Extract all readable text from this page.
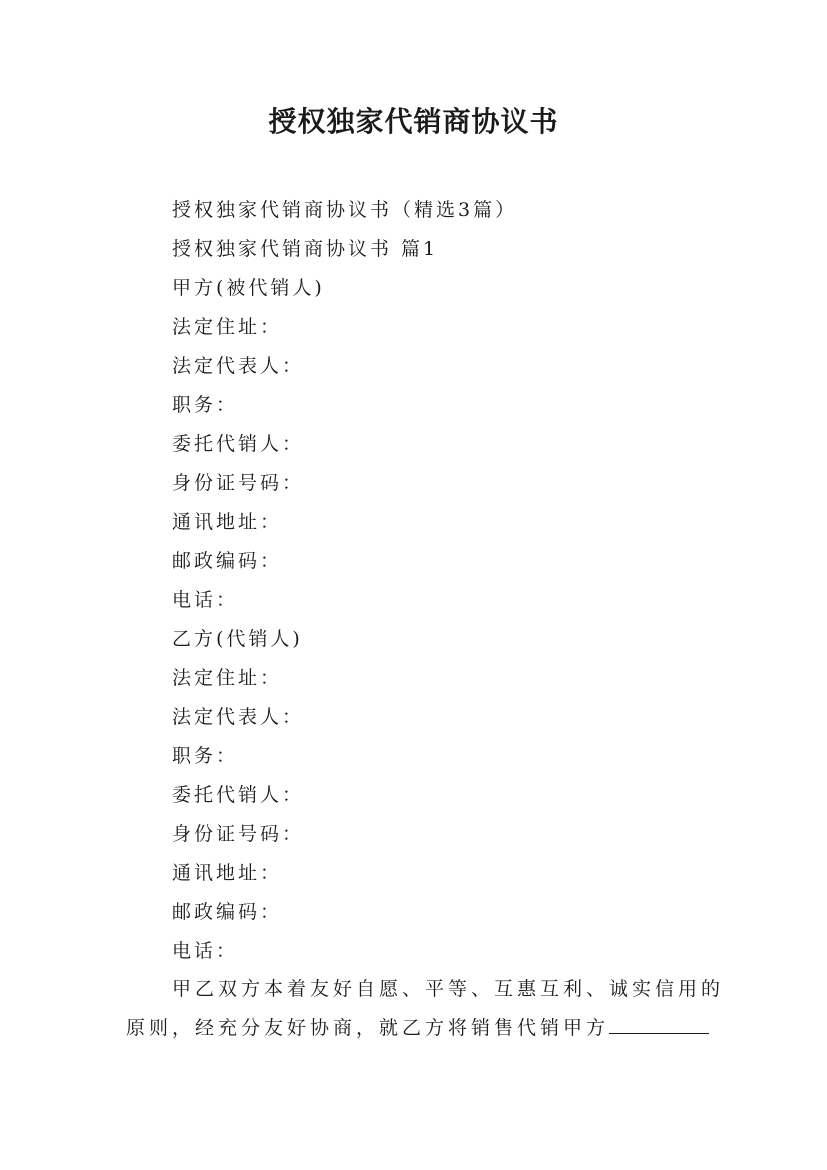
授权独家代销商协议书
授权独家代销商协议书（精选3篇）
授权独家代销商协议书 篇1
甲方(被代销人)
法定住址：
法定代表人：
职务：
委托代销人：
身份证号码：
通讯地址：
邮政编码：
电话：
乙方(代销人)
法定住址：
法定代表人：
职务：
委托代销人：
身份证号码：
通讯地址：
邮政编码：
电话：
甲乙双方本着友好自愿、平等、互惠互利、诚实信用的
原则，经充分友好协商，就乙方将销售代销甲方
